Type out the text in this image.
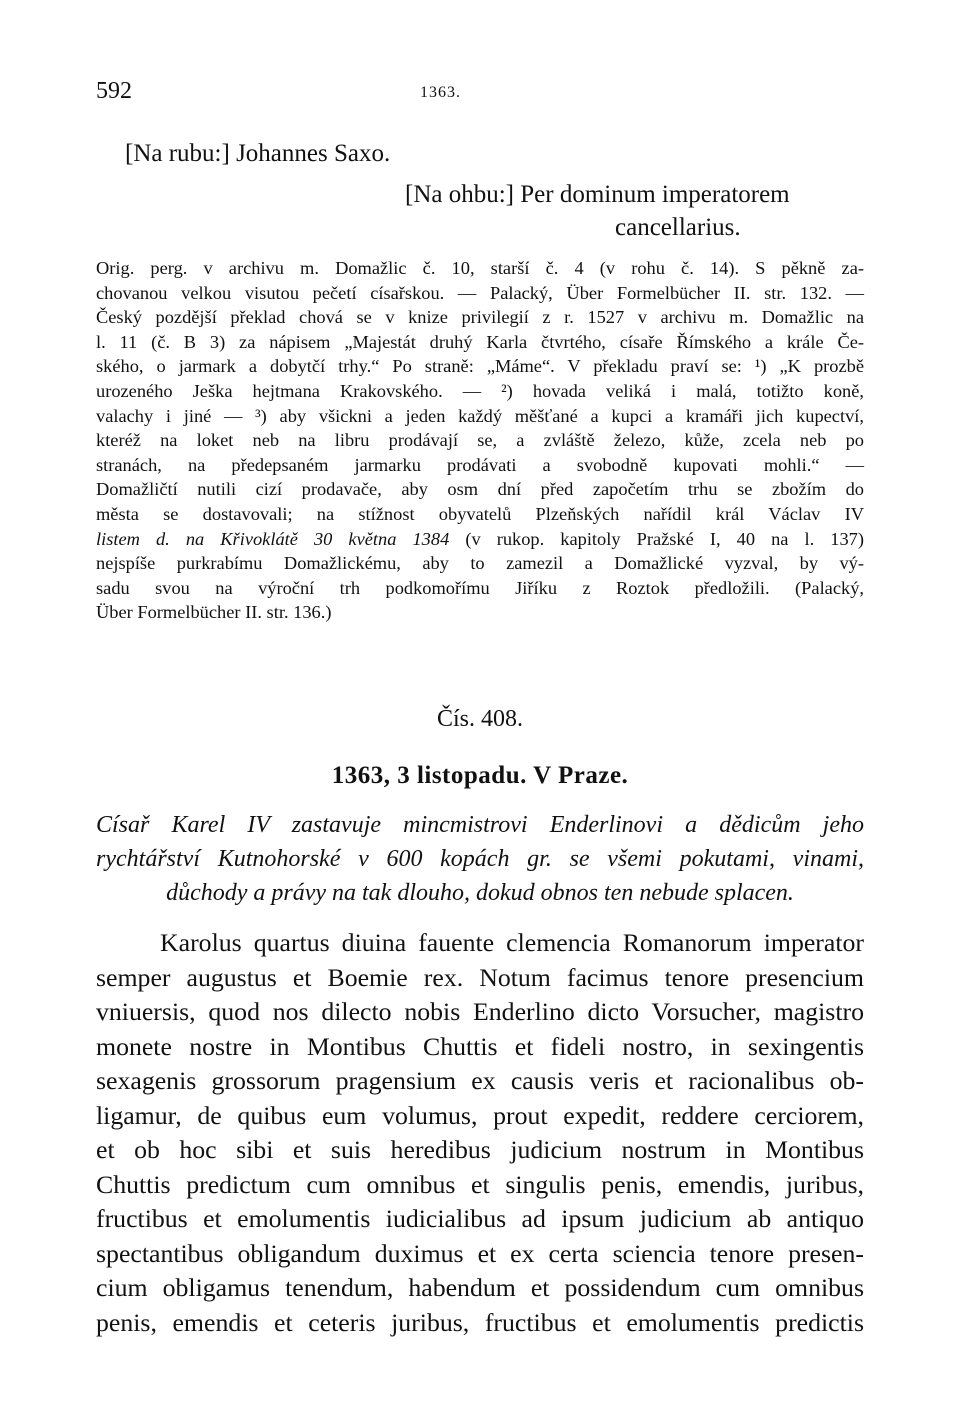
592	1363.
[Na rubu:] Johannes Saxo.
[Na ohbu:] Per dominum imperatorem
cancellarius.
Orig. perg. v archivu m. Domažlic č. 10, starší č. 4 (v rohu č. 14). S pěkně za-
chovanou velkou visutou pečetí císařskou. — Palacký, Über Formelbücher II. str. 132. —
Český pozdější překlad chová se v knize privilegií z r. 1527 v archivu m. Domažlic na
l. 11 (č. B 3) za nápisem „Majestát druhý Karla čtvrtého, císaře Římského a krále Če-
ského, o jarmark a dobytčí trhy.“ Po straně: „Máme“. V překladu praví se: ¹) „K prozbě
urozeného Ješka hejtmana Krakovského. — ²) hovada veliká i malá, totižto koně,
valachy i jiné — ³) aby všickni a jeden každý měšťané a kupci a kramáři jich kupectví,
kteréž na loket neb na libru prodávají se, a zvláště železo, kůže, zcela neb po
stranách, na předepsaném jarmarku prodávati a svobodně kupovati mohli.“ —
Domažličtí nutili cizí prodavače, aby osm dní před započetím trhu se zbožím do
města se dostavovali; na stížnost obyvatelů Plzeňských nařídil král Václav IV
listem d. na Křivoklátě 30 května 1384 (v rukop. kapitoly Pražské I, 40 na l. 137)
nejspíše purkrabímu Domažlickému, aby to zamezil a Domažlické vyzval, by vý-
sadu svou na výroční trh podkomořímu Jiříku z Roztok předložili. (Palacký,
Über Formelbücher II. str. 136.)
Čís. 408.
1363, 3 listopadu. V Praze.
Císař Karel IV zastavuje mincmistrovi Enderlinovi a dědicům jeho
rychtářství Kutnohorské v 600 kopách gr. se všemi pokutami, vinami,
důchody a právy na tak dlouho, dokud obnos ten nebude splacen.
Karolus quartus diuina fauente clemencia Romanorum imperator
semper augustus et Boemie rex. Notum facimus tenore presencium
vniuersis, quod nos dilecto nobis Enderlino dicto Vorsucher, magistro
monete nostre in Montibus Chuttis et fideli nostro, in sexingentis
sexagenis grossorum pragensium ex causis veris et racionalibus ob-
ligamur, de quibus eum volumus, prout expedit, reddere cerciorem,
et ob hoc sibi et suis heredibus judicium nostrum in Montibus
Chuttis predictum cum omnibus et singulis penis, emendis, juribus,
fructibus et emolumentis iudicialibus ad ipsum judicium ab antiquo
spectantibus obligandum duximus et ex certa sciencia tenore presen-
cium obligamus tenendum, habendum et possidendum cum omnibus
penis, emendis et ceteris juribus, fructibus et emolumentis predictis
